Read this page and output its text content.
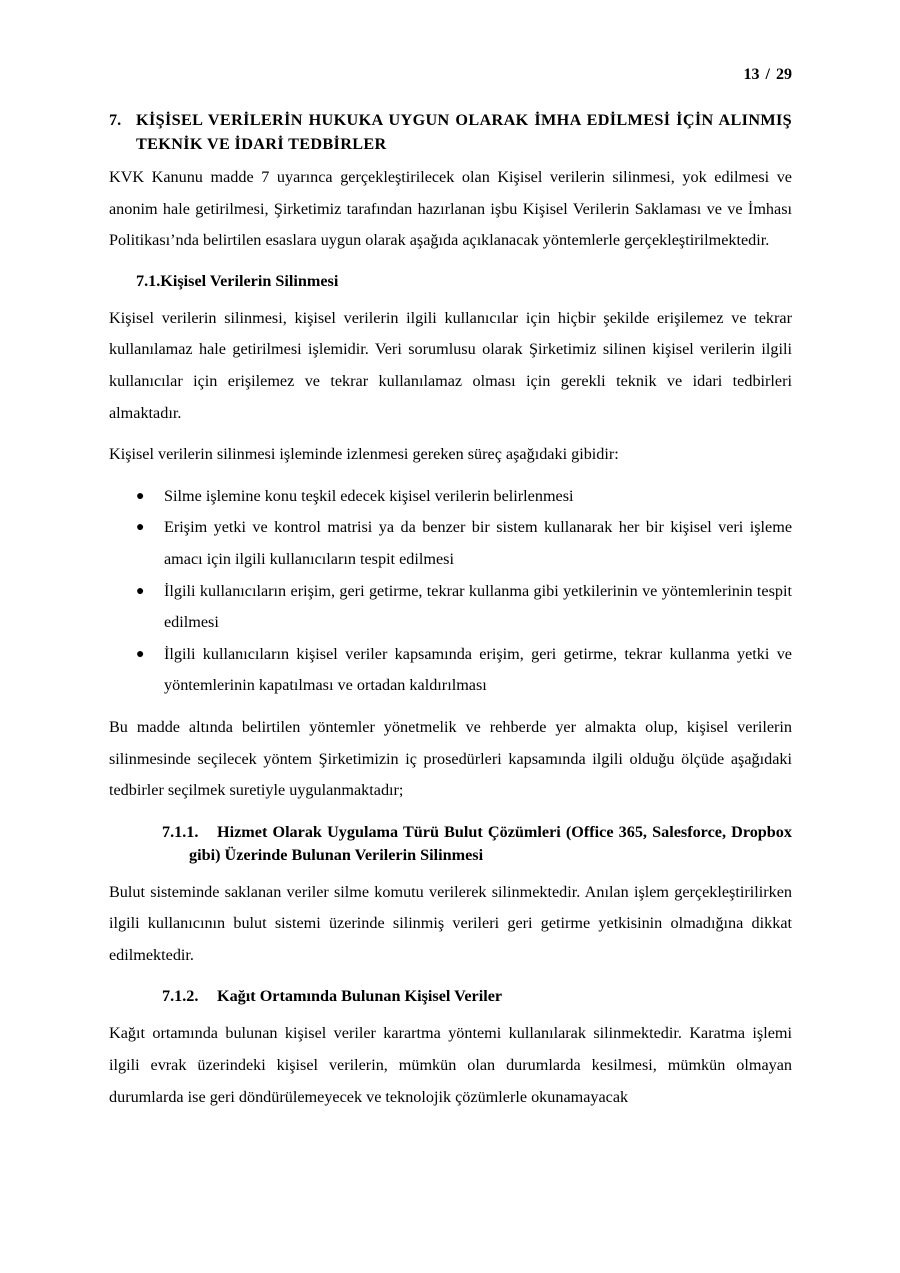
13 / 29
7. KİŞİSEL VERİLERİN HUKUKA UYGUN OLARAK İMHA EDİLMESİ İÇİN ALINMIŞ TEKNİK VE İDARİ TEDBİRLER

KVK Kanunu madde 7 uyarınca gerçekleştirilecek olan Kişisel verilerin silinmesi, yok edilmesi ve anonim hale getirilmesi, Şirketimiz tarafından hazırlanan işbu Kişisel Verilerin Saklaması ve ve İmhası Politikası’nda belirtilen esaslara uygun olarak aşağıda açıklanacak yöntemlerle gerçekleştirilmektedir.

7.1.Kişisel Verilerin Silinmesi

Kişisel verilerin silinmesi, kişisel verilerin ilgili kullanıcılar için hiçbir şekilde erişilemez ve tekrar kullanılamaz hale getirilmesi işlemidir. Veri sorumlusu olarak Şirketimiz silinen kişisel verilerin ilgili kullanıcılar için erişilemez ve tekrar kullanılamaz olması için gerekli teknik ve idari tedbirleri almaktadır.

Kişisel verilerin silinmesi işleminde izlenmesi gereken süreç aşağıdaki gibidir:

● Silme işlemine konu teşkil edecek kişisel verilerin belirlenmesi
● Erişim yetki ve kontrol matrisi ya da benzer bir sistem kullanarak her bir kişisel veri işleme amacı için ilgili kullanıcıların tespit edilmesi
● İlgili kullanıcıların erişim, geri getirme, tekrar kullanma gibi yetkilerinin ve yöntemlerinin tespit edilmesi
● İlgili kullanıcıların kişisel veriler kapsamında erişim, geri getirme, tekrar kullanma yetki ve yöntemlerinin kapatılması ve ortadan kaldırılması

Bu madde altında belirtilen yöntemler yönetmelik ve rehberde yer almakta olup, kişisel verilerin silinmesinde seçilecek yöntem Şirketimizin iç prosedürleri kapsamında ilgili olduğu ölçüde aşağıdaki tedbirler seçilmek suretiyle uygulanmaktadır;

7.1.1. Hizmet Olarak Uygulama Türü Bulut Çözümleri (Office 365, Salesforce, Dropbox gibi) Üzerinde Bulunan Verilerin Silinmesi

Bulut sisteminde saklanan veriler silme komutu verilerek silinmektedir. Anılan işlem gerçekleştirilirken ilgili kullanıcının bulut sistemi üzerinde silinmiş verileri geri getirme yetkisinin olmadığına dikkat edilmektedir.

7.1.2.	Kağıt Ortamında Bulunan Kişisel Veriler

Kağıt ortamında bulunan kişisel veriler karartma yöntemi kullanılarak silinmektedir. Karatma işlemi ilgili evrak üzerindeki kişisel verilerin, mümkün olan durumlarda kesilmesi, mümkün olmayan durumlarda ise geri döndürülemeyecek ve teknolojik çözümlerle okunamayacak
